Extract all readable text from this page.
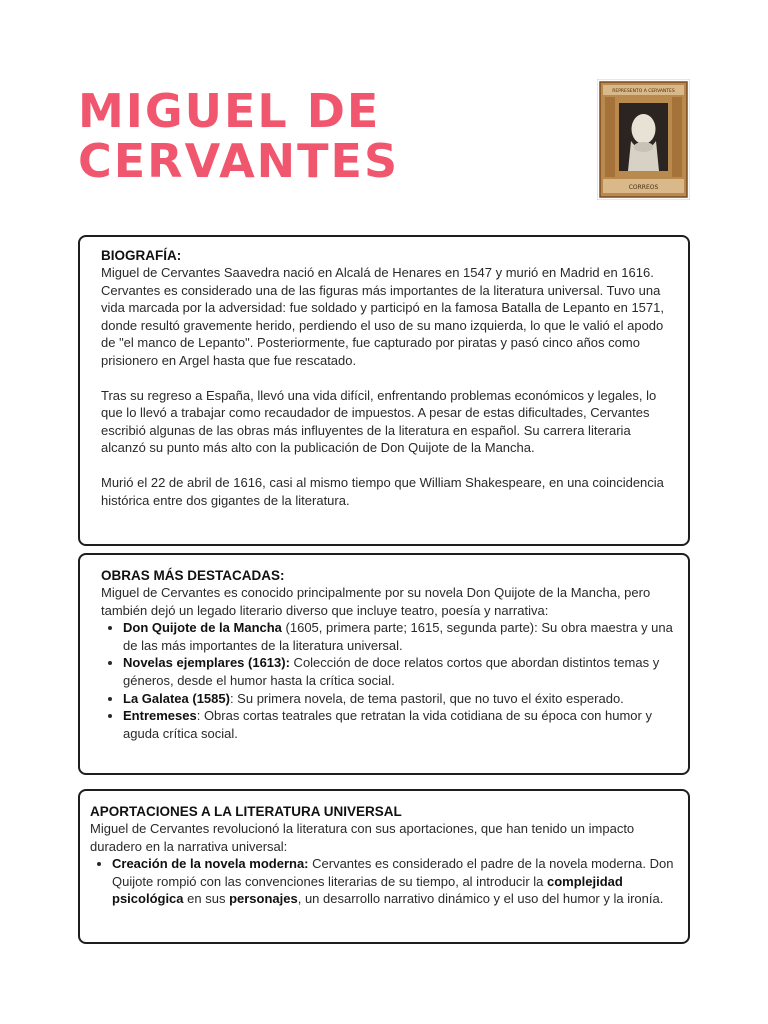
MIGUEL DE
CERVANTES
REPRESENTO A CERVANTES
CORREOS
BIOGRAFÍA:

Miguel de Cervantes Saavedra nació en Alcalá de Henares en 1547 y murió en Madrid en 1616. Cervantes es considerado una de las figuras más importantes de la literatura universal. Tuvo una vida marcada por la adversidad: fue soldado y participó en la famosa Batalla de Lepanto en 1571, donde resultó gravemente herido, perdiendo el uso de su mano izquierda, lo que le valió el apodo de "el manco de Lepanto". Posteriormente, fue capturado por piratas y pasó cinco años como prisionero en Argel hasta que fue rescatado.

Tras su regreso a España, llevó una vida difícil, enfrentando problemas económicos y legales, lo que lo llevó a trabajar como recaudador de impuestos. A pesar de estas dificultades, Cervantes escribió algunas de las obras más influyentes de la literatura en español. Su carrera literaria alcanzó su punto más alto con la publicación de Don Quijote de la Mancha.

Murió el 22 de abril de 1616, casi al mismo tiempo que William Shakespeare, en una coincidencia histórica entre dos gigantes de la literatura.

OBRAS MÁS DESTACADAS:

Miguel de Cervantes es conocido principalmente por su novela Don Quijote de la Mancha, pero también dejó un legado literario diverso que incluye teatro, poesía y narrativa:

• Don Quijote de la Mancha (1605, primera parte; 1615, segunda parte): Su obra maestra y una de las más importantes de la literatura universal.
• Novelas ejemplares (1613): Colección de doce relatos cortos que abordan distintos temas y géneros, desde el humor hasta la crítica social.
• La Galatea (1585): Su primera novela, de tema pastoril, que no tuvo el éxito esperado.
• Entremeses: Obras cortas teatrales que retratan la vida cotidiana de su época con humor y aguda crítica social.
APORTACIONES A LA LITERATURA UNIVERSAL

Miguel de Cervantes revolucionó la literatura con sus aportaciones, que han tenido un impacto duradero en la narrativa universal:

• Creación de la novela moderna: Cervantes es considerado el padre de la novela moderna. Don Quijote rompió con las convenciones literarias de su tiempo, al introducir la complejidad psicológica en sus personajes, un desarrollo narrativo dinámico y el uso del humor y la ironía.
